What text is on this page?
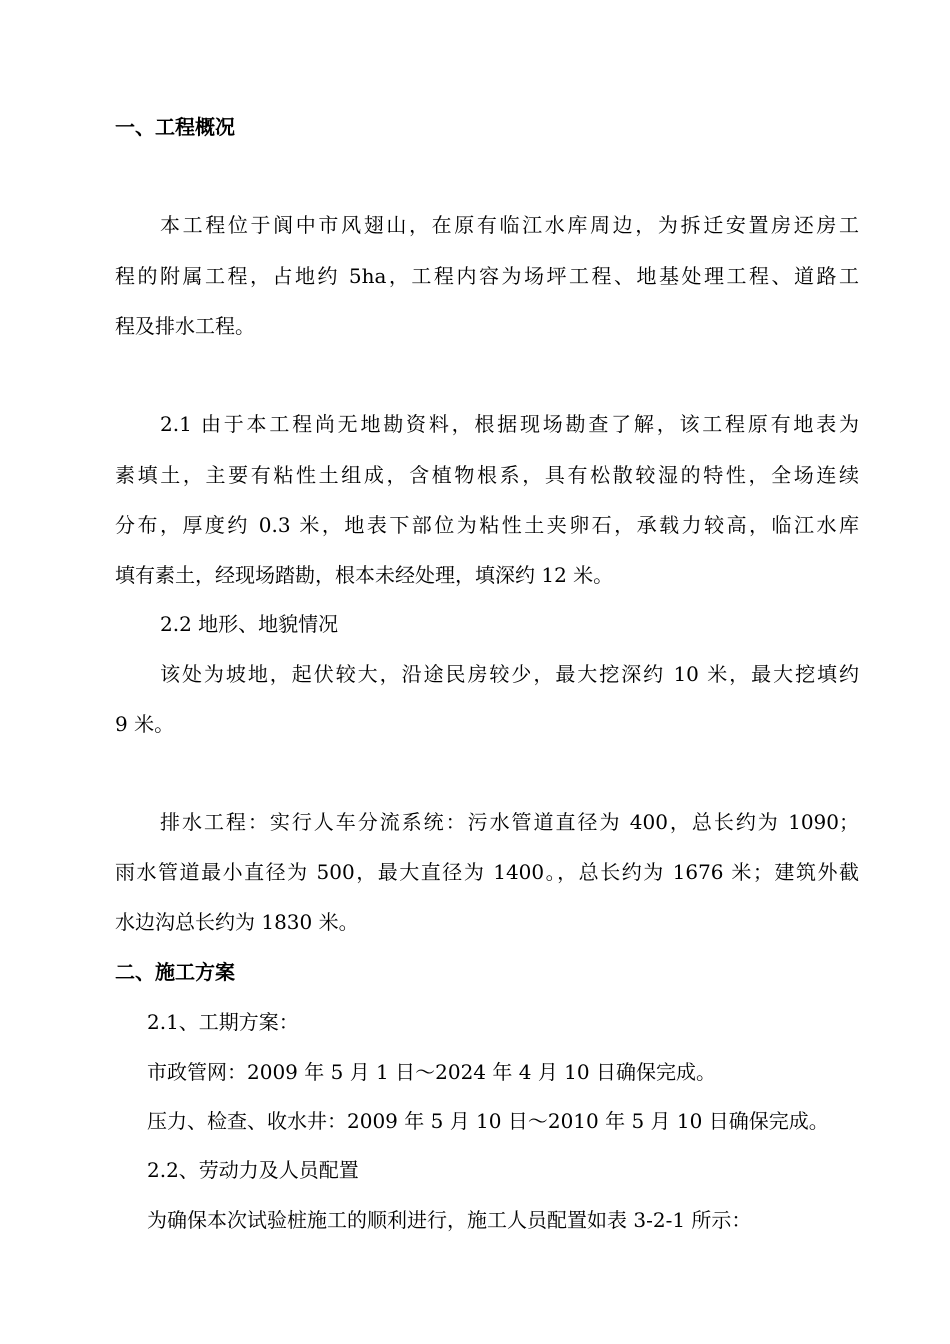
一、工程概况

本工程位于阆中市风翅山，在原有临江水库周边，为拆迁安置房还房工

程的附属工程，占地约 5ha，工程内容为场坪工程、地基处理工程、道路工

程及排水工程。

2.1 由于本工程尚无地勘资料，根据现场勘查了解，该工程原有地表为

素填土，主要有粘性土组成，含植物根系，具有松散较湿的特性，全场连续

分布，厚度约 0.3 米，地表下部位为粘性土夹卵石，承载力较高，临江水库

填有素土，经现场踏勘，根本未经处理，填深约 12 米。

2.2 地形、地貌情况

该处为坡地，起伏较大，沿途民房较少，最大挖深约 10 米，最大挖填约

9 米。

排水工程：实行人车分流系统：污水管道直径为 400，总长约为 1090；

雨水管道最小直径为 500，最大直径为 1400。，总长约为 1676 米；建筑外截

水边沟总长约为 1830 米。

二、施工方案

2.1、工期方案：

市政管网：2009 年 5 月 1 日～2024 年 4 月 10 日确保完成。

压力、检查、收水井：2009 年 5 月 10 日～2010 年 5 月 10 日确保完成。

2.2、劳动力及人员配置

为确保本次试验桩施工的顺利进行，施工人员配置如表 3-2-1 所示：
